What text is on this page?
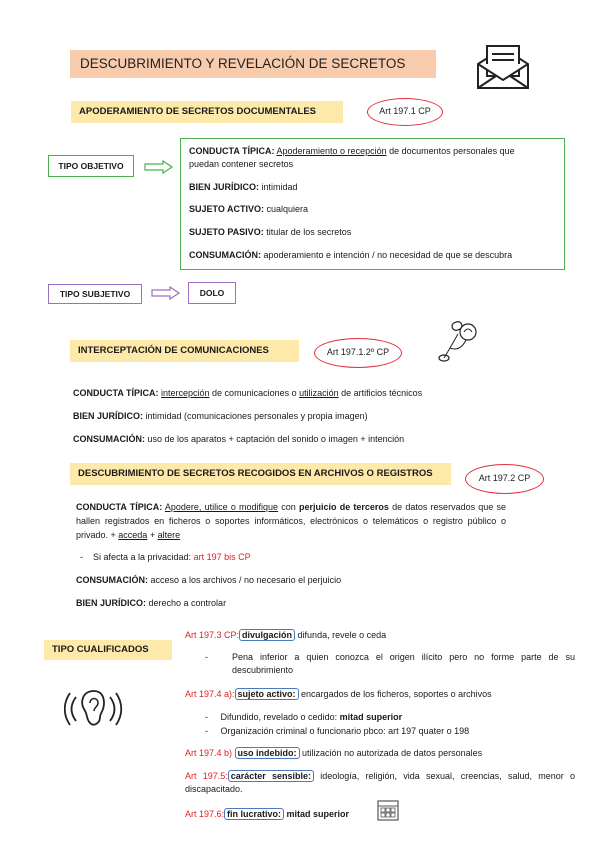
DESCUBRIMIENTO Y REVELACIÓN DE SECRETOS
APODERAMIENTO DE SECRETOS DOCUMENTALES	Art 197.1 CP
TIPO OBJETIVO
CONDUCTA TÍPICA: Apoderamiento o recepción de documentos personales que
puedan contener secretos
BIEN JURÍDICO: intimidad
SUJETO ACTIVO: cualquiera
SUJETO PASIVO: titular de los secretos
CONSUMACIÓN: apoderamiento e intención / no necesidad de que se descubra
TIPO SUBJETIVO	DOLO
INTERCEPTACIÓN DE COMUNICACIONES	Art 197.1.2º CP
CONDUCTA TÍPICA: intercepción de comunicaciones o utilización de artificios técnicos
BIEN JURÍDICO: intimidad (comunicaciones personales y propia imagen)
CONSUMACIÓN: uso de los aparatos + captación del sonido o imagen + intención
DESCUBRIMIENTO DE SECRETOS RECOGIDOS EN ARCHIVOS O REGISTROS	Art 197.2 CP
CONDUCTA TÍPICA: Apodere, utilice o modifique con perjuicio de terceros de datos reservados que se hallen registrados en ficheros o soportes informáticos, electrónicos o telemáticos o registro público o privado. + acceda + altere
-    Si afecta a la privacidad: art 197 bis CP
CONSUMACIÓN: acceso a los archivos / no necesario el perjuicio
BIEN JURÍDICO: derecho a controlar
TIPO CUALIFICADOS
Art 197.3 CP: divulgación difunda, revele o ceda
-	Pena inferior a quien conozca el origen ilícito pero no forme parte de su descubrimiento
Art 197.4 a): sujeto activo: encargados de los ficheros, soportes o archivos
-     Difundido, revelado o cedido: mitad superior
-     Organización criminal o funcionario pbco: art 197 quater o 198
Art 197.4 b) uso indebido: utilización no autorizada de datos personales
Art 197.5: carácter sensible: ideología, religión, vida sexual, creencias, salud, menor o discapacitado.
Art 197.6: fin lucrativo: mitad superior
